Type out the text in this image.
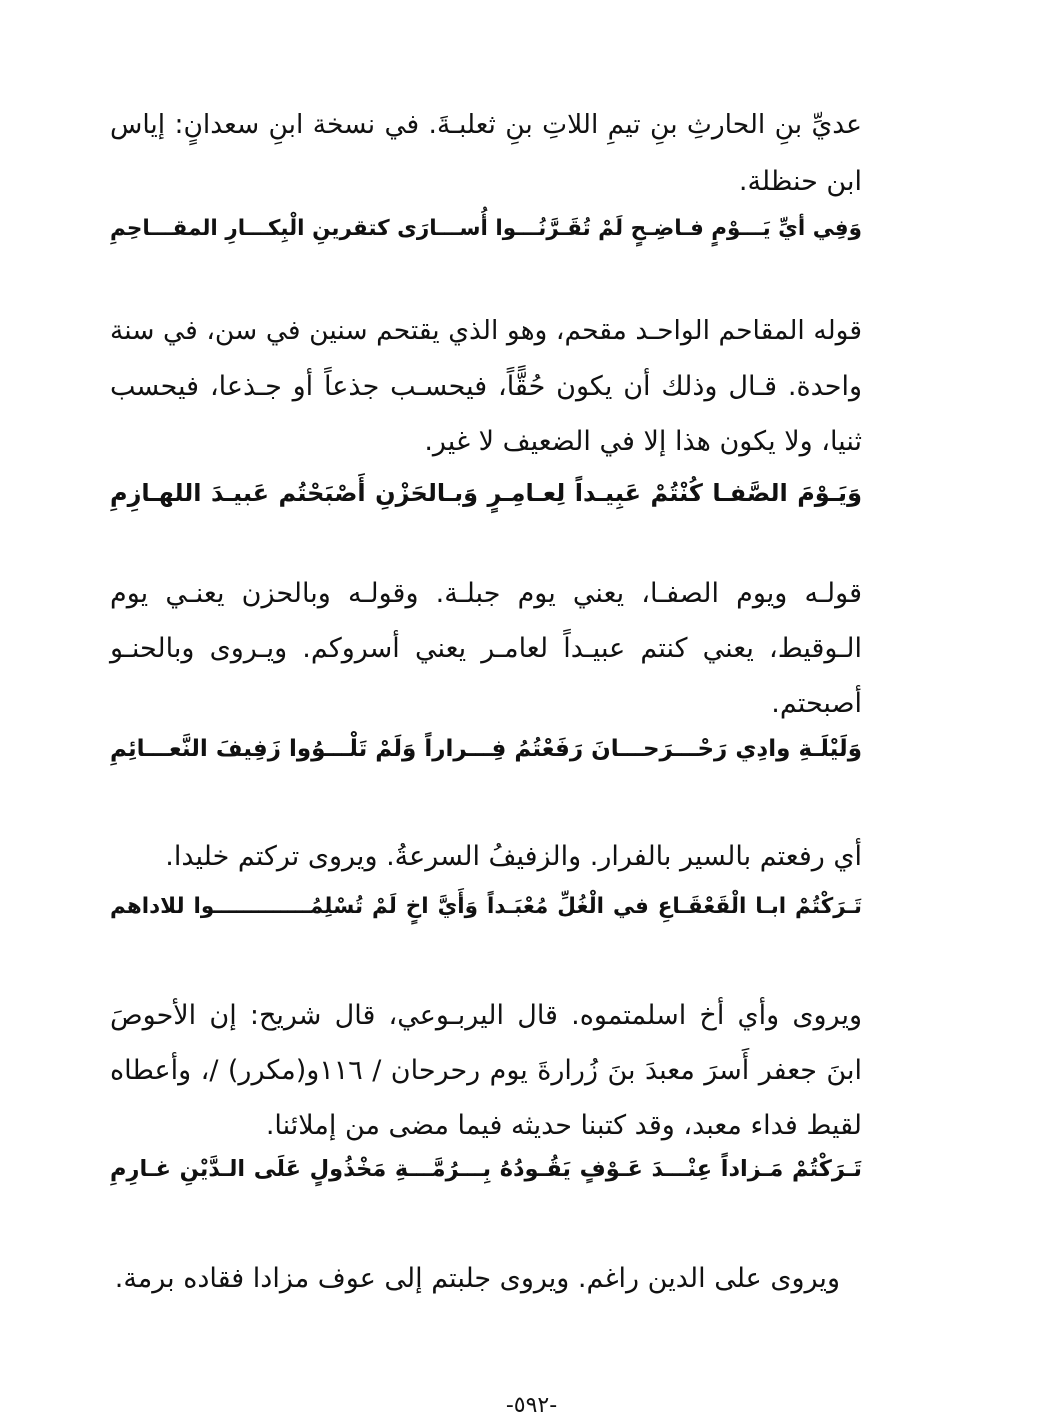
عديِّ بنِ الحارثِ بنِ تيمِ اللاتِ بنِ ثعلبـةَ. في نسخة ابنِ سعدانٍ: إياس
ابن حنظلة.
وَفِي أيِّ يَـــوْمٍ فـاضِـحٍ لَمْ تُقَـرَّنُـــوا أُســـارَى كتقرينِ الْبِكـــارِ المقـــاحِمِ
قوله المقاحم الواحـد مقحم، وهو الذي يقتحم سنين في سن، في سنة
واحدة. قـال وذلك أن يكون حُقًّاً، فيحسـب جذعاً أو جـذعا، فيحسب
ثنيا، ولا يكون هذا إلا في الضعيف لا غير.
وَيَـوْمَ الصَّفـا كُنْتُمْ عَبِيـداً لِعـامِـرٍ وَبـالحَزْنِ أَصْبَحْتُم عَبيـدَ اللهـازِمِ
قولـه ويوم الصفـا، يعني يوم جبلـة. وقولـه وبالحزن يعنـي يوم
الـوقيط، يعني كنتم عبيـداً لعامـر يعني أسروكم. ويـروى وبالحنـو
أصبحتم.
وَلَيْلَـةِ وادِي رَحْـــرَحـــانَ رَفَعْتُمُ فِـــراراً وَلَمْ تَلْـــوُوا زَفِيفَ النَّعـــائِمِ
أي رفعتم بالسير بالفرار. والزفيفُ السرعةُ. ويروى تركتم خليدا.
تَـرَكْتُمْ ابـا الْقَعْقَـاعِ في الْغُلِّ مُعْبَـداً وَأَيَّ اخٍ لَمْ تُسْلِمُـــــــــــــوا للاداهم
ويروى وأي أخ اسلمتموه. قال اليربـوعي، قال شريح: إن الأحوصَ
ابنَ جعفر أَسرَ معبدَ بنَ زُرارةَ يوم رحرحان / ١١٦و(مكرر) /، وأعطاه
لقيط فداء معبد، وقد كتبنا حديثه فيما مضى من إملائنا.
تَـرَكْتُمْ مَـزاداً عِنْـــدَ عَـوْفٍ يَقُـودُهُ بِـــرُمَّـــةِ مَخْذُولٍ عَلَى الـدَّيْنِ غـارِمِ
ويروى على الدين راغم. ويروى جلبتم إلى عوف مزادا فقاده برمة.
-٥٩٢-
